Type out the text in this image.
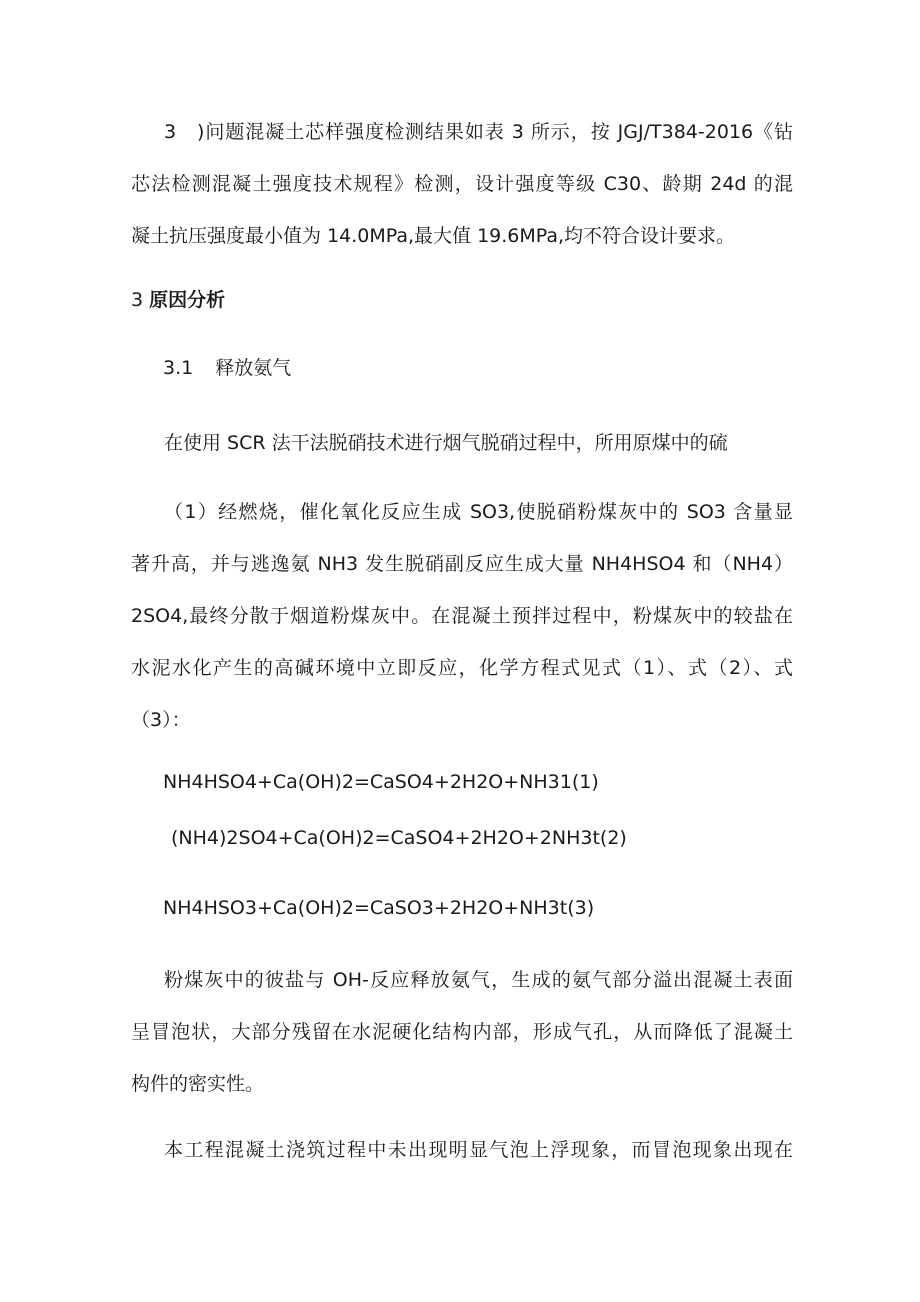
3　)问题混凝土芯样强度检测结果如表 3 所示，按 JGJ/T384-2016《钻
芯法检测混凝土强度技术规程》检测，设计强度等级 C30、龄期 24d 的混
凝土抗压强度最小值为 14.0MPa,最大值 19.6MPa,均不符合设计要求。

3 原因分析

3.1 释放氨气

在使用 SCR 法干法脱硝技术进行烟气脱硝过程中，所用原煤中的硫

（1）经燃烧，催化氧化反应生成 SO3,使脱硝粉煤灰中的 SO3 含量显
著升高，并与逃逸氨 NH3 发生脱硝副反应生成大量 NH4HSO4 和（NH4）
2SO4,最终分散于烟道粉煤灰中。在混凝土预拌过程中，粉煤灰中的较盐在
水泥水化产生的高碱环境中立即反应，化学方程式见式（1）、式（2）、式
（3）：

NH4HSO4+Ca(OH)2=CaSO4+2H2O+NH31(1)

(NH4)2SO4+Ca(OH)2=CaSO4+2H2O+2NH3t(2)

NH4HSO3+Ca(OH)2=CaSO3+2H2O+NH3t(3)

粉煤灰中的彼盐与 OH-反应释放氨气，生成的氨气部分溢出混凝土表面
呈冒泡状，大部分残留在水泥硬化结构内部，形成气孔，从而降低了混凝土
构件的密实性。

本工程混凝土浇筑过程中未出现明显气泡上浮现象，而冒泡现象出现在
